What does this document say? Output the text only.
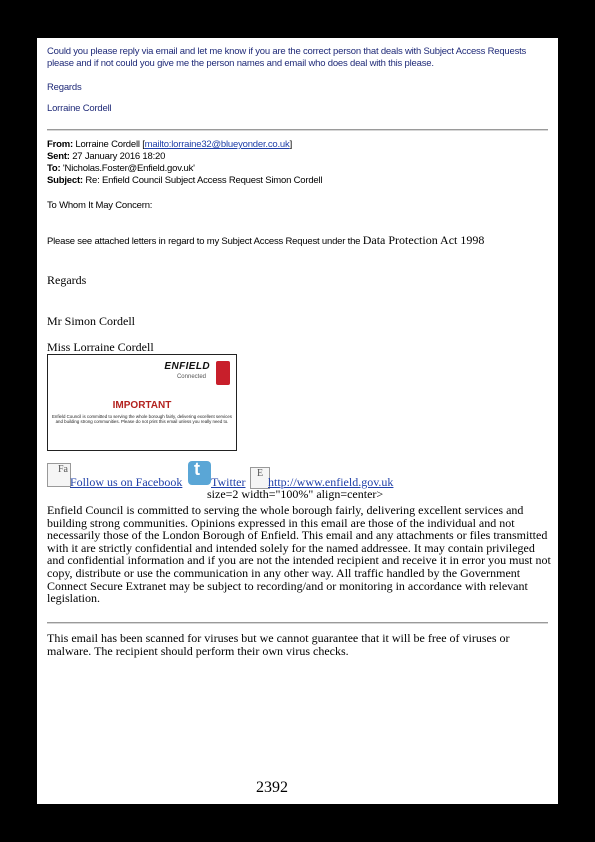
Could you please reply via email and let me know if you are the correct person that deals with Subject Access Requests please and if not could you give me the person names and email who does deal with this please.
Regards
Lorraine Cordell
From: Lorraine Cordell [mailto:lorraine32@blueyonder.co.uk]
Sent: 27 January 2016 18:20
To: 'Nicholas.Foster@Enfield.gov.uk'
Subject: Re: Enfield Council Subject Access Request Simon Cordell
To Whom It May Concern:
Please see attached letters in regard to my Subject Access Request under the Data Protection Act 1998
Regards
Mr Simon Cordell
Miss Lorraine Cordell
ENFIELD
Connected
IMPORTANT
Enfield Council is committed to serving the whole borough fairly, delivering excellent services and building strong communities. Please do not print this email unless you really need to.
Fa
Follow us on Facebook
t
Twitter
E
http://www.enfield.gov.uk
size=2 width="100%" align=center>
Enfield Council is committed to serving the whole borough fairly, delivering excellent services and building strong communities. Opinions expressed in this email are those of the individual and not necessarily those of the London Borough of Enfield. This email and any attachments or files transmitted with it are strictly confidential and intended solely for the named addressee. It may contain privileged and confidential information and if you are not the intended recipient and receive it in error you must not copy, distribute or use the communication in any other way. All traffic handled by the Government Connect Secure Extranet may be subject to recording/and or monitoring in accordance with relevant legislation.
This email has been scanned for viruses but we cannot guarantee that it will be free of viruses or malware. The recipient should perform their own virus checks.
2392
